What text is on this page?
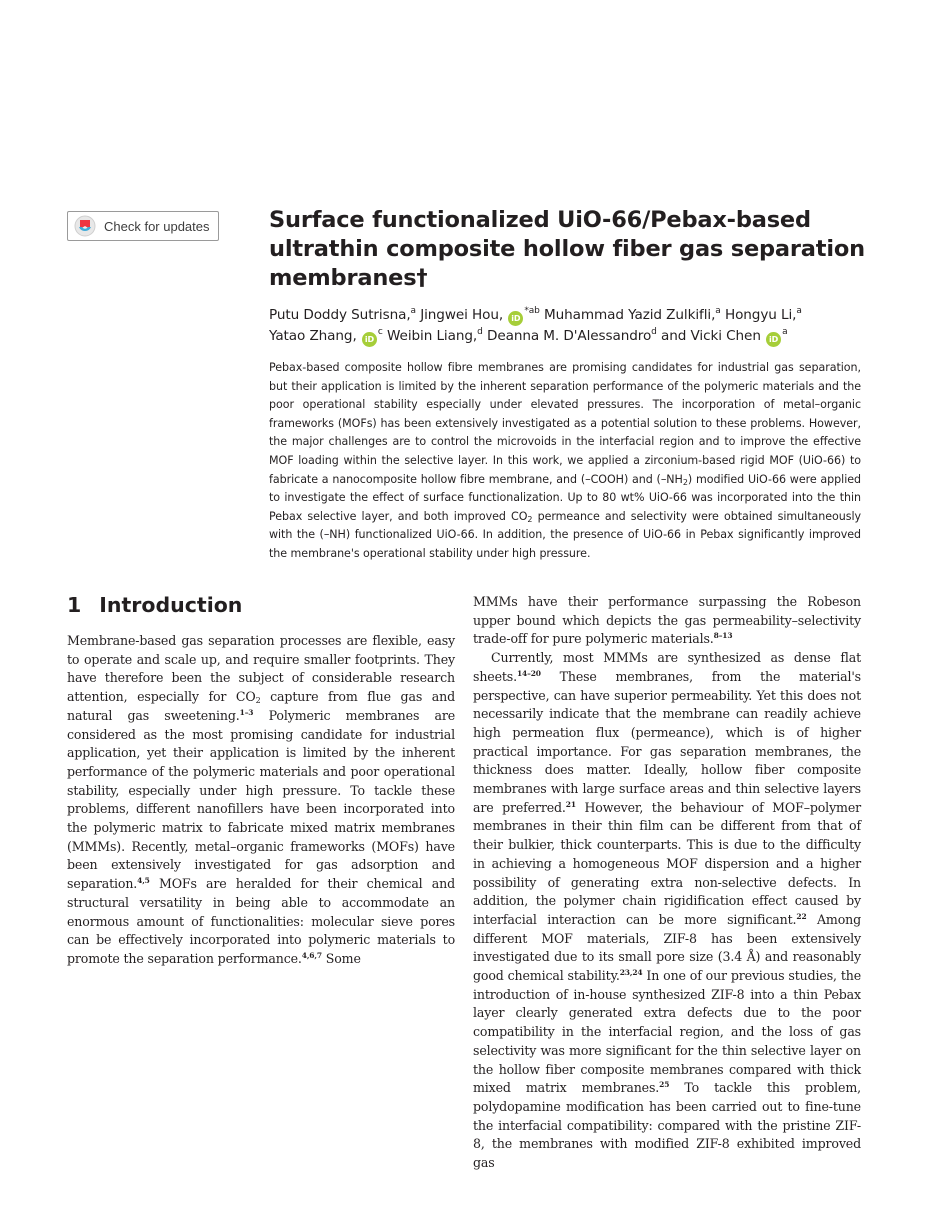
Check for updates	Surface functionalized UiO-66/Pebax-based ultrathin composite hollow fiber gas separation membranes†
Putu Doddy Sutrisna,$^a$ Jingwei Hou, $iD^{*ab}$ Muhammad Yazid Zulkifli,$^a$ Hongyu Li,$^a$
Yatao Zhang, $iD^c$ Weibin Liang,$^d$ Deanna M. D'Alessandro$^d$ and Vicki Chen $iD^a$

Pebax-based composite hollow fibre membranes are promising candidates for industrial gas separation, but their application is limited by the inherent separation performance of the polymeric materials and the poor operational stability especially under elevated pressures. The incorporation of metal–organic frameworks (MOFs) has been extensively investigated as a potential solution to these problems. However, the major challenges are to control the microvoids in the interfacial region and to improve the effective MOF loading within the selective layer. In this work, we applied a zirconium-based rigid MOF (UiO-66) to fabricate a nanocomposite hollow fibre membrane, and (–COOH) and $(-NH_2)$ modified UiO-66 were applied to investigate the effect of surface functionalization. Up to 80 wt% UiO-66 was incorporated into the thin Pebax selective layer, and both improved $CO_2$ permeance and selectivity were obtained simultaneously with the (–NH) functionalized UiO-66. In addition, the presence of UiO-66 in Pebax significantly improved the membrane's operational stability under high pressure.

1 Introduction

Membrane-based gas separation processes are flexible, easy to operate and scale up, and require smaller footprints. They have therefore been the subject of considerable research attention, especially for $CO_2$ capture from flue gas and natural gas sweetening.$^{1-3}$ Polymeric membranes are considered as the most promising candidate for industrial application, yet their application is limited by the inherent performance of the polymeric materials and poor operational stability, especially under high pressure. To tackle these problems, different nanofillers have been incorporated into the polymeric matrix to fabricate mixed matrix membranes (MMMs). Recently, metal–organic frameworks (MOFs) have been extensively investigated for gas adsorption and separation.$^{4,5}$ MOFs are heralded for their chemical and structural versatility in being able to accommodate an enormous amount of functionalities: molecular sieve pores can be effectively incorporated into polymeric materials to promote the separation performance.$^{4,6,7}$ Some

MMMs have their performance surpassing the Robeson upper bound which depicts the gas permeability–selectivity trade-off for pure polymeric materials.$^{8-13}$

Currently, most MMMs are synthesized as dense flat sheets.$^{14-20}$ These membranes, from the material's perspective, can have superior permeability. Yet this does not necessarily indicate that the membrane can readily achieve high permeation flux (permeance), which is of higher practical importance. For gas separation membranes, the thickness does matter. Ideally, hollow fiber composite membranes with large surface areas and thin selective layers are preferred.$^{21}$ However, the behaviour of MOF–polymer membranes in their thin film can be different from that of their bulkier, thick counterparts. This is due to the difficulty in achieving a homogeneous MOF dispersion and a higher possibility of generating extra non-selective defects. In addition, the polymer chain rigidification effect caused by interfacial interaction can be more significant.$^{22}$ Among different MOF materials, ZIF-8 has been extensively investigated due to its small pore size (3.4 Å) and reasonably good chemical stability.$^{23,24}$ In one of our previous studies, the introduction of in-house synthesized ZIF-8 into a thin Pebax layer clearly generated extra defects due to the poor compatibility in the interfacial region, and the loss of gas selectivity was more significant for the thin selective layer on the hollow fiber composite membranes compared with thick mixed matrix membranes.$^{25}$ To tackle this problem, polydopamine modification has been carried out to fine-tune the interfacial compatibility: compared with the pristine ZIF-8, the membranes with modified ZIF-8 exhibited improved gas
